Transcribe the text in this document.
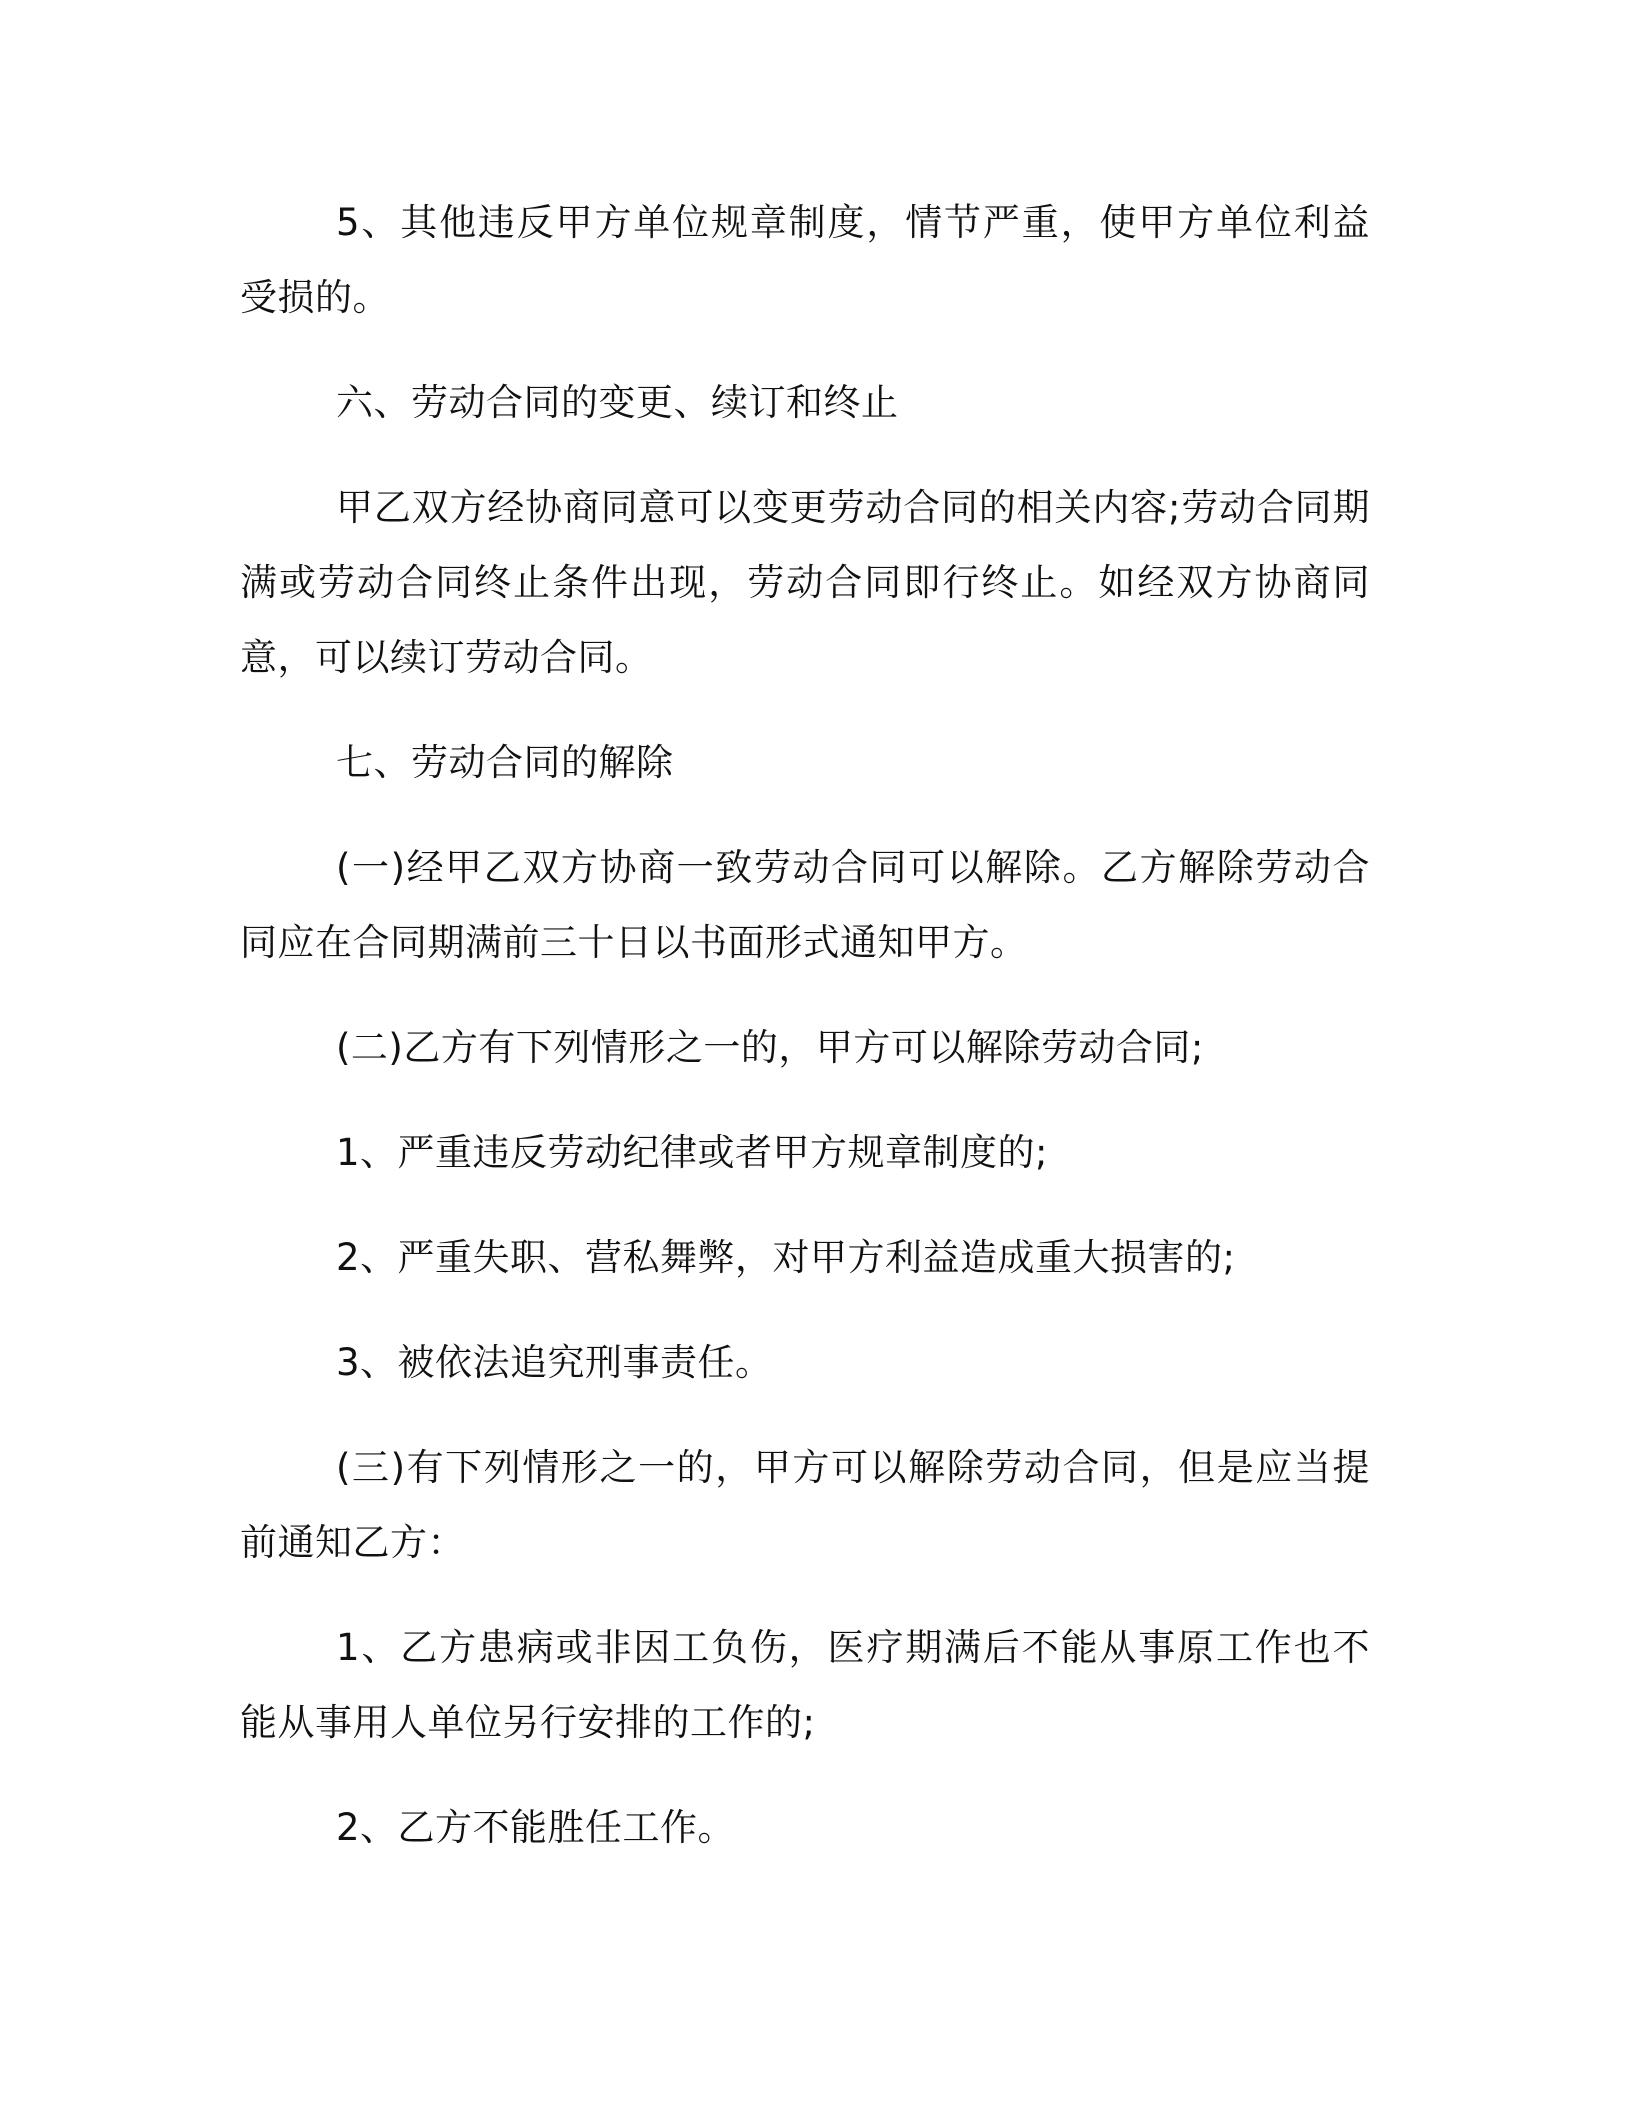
5、其他违反甲方单位规章制度，情节严重，使甲方单位利益受损的。

六、劳动合同的变更、续订和终止

甲乙双方经协商同意可以变更劳动合同的相关内容;劳动合同期满或劳动合同终止条件出现，劳动合同即行终止。如经双方协商同意，可以续订劳动合同。

七、劳动合同的解除

(一)经甲乙双方协商一致劳动合同可以解除。乙方解除劳动合同应在合同期满前三十日以书面形式通知甲方。

(二)乙方有下列情形之一的，甲方可以解除劳动合同;

1、严重违反劳动纪律或者甲方规章制度的;

2、严重失职、营私舞弊，对甲方利益造成重大损害的;

3、被依法追究刑事责任。

(三)有下列情形之一的，甲方可以解除劳动合同，但是应当提前通知乙方：

1、乙方患病或非因工负伤，医疗期满后不能从事原工作也不能从事用人单位另行安排的工作的;

2、乙方不能胜任工作。
